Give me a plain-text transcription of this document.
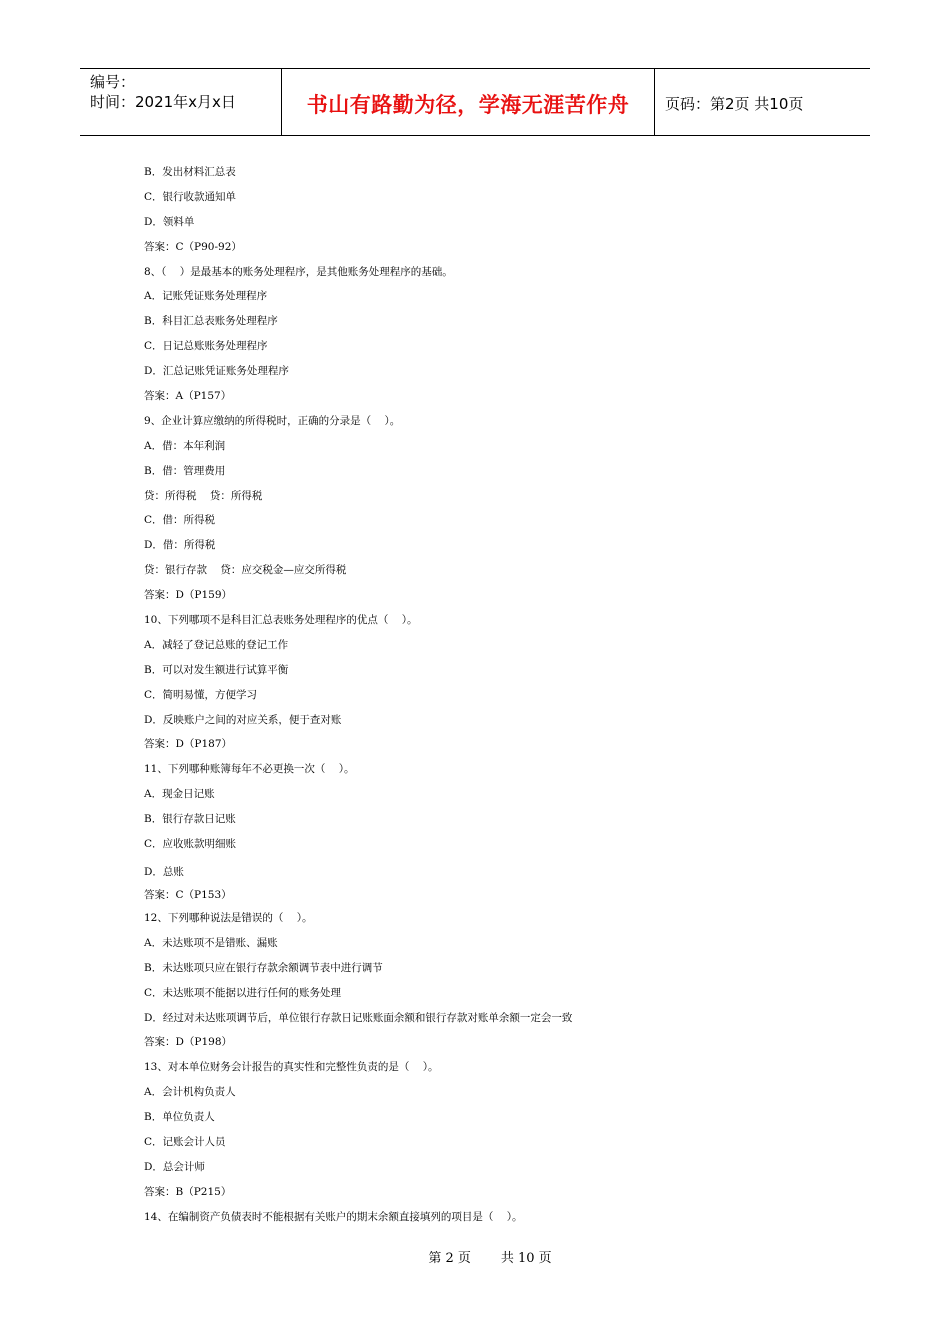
编号：
时间：2021年x月x日	书山有路勤为径，学海无涯苦作舟	页码：第2页 共10页
B．发出材料汇总表
C．银行收款通知单
D．领料单
答案：C（P90-92）
8、（    ）是最基本的账务处理程序，是其他账务处理程序的基础。
A．记账凭证账务处理程序
B．科目汇总表账务处理程序
C．日记总账账务处理程序
D．汇总记账凭证账务处理程序
答案：A（P157）
9、企业计算应缴纳的所得税时，正确的分录是（    ）。
A．借：本年利润
B．借：管理费用
贷：所得税    贷：所得税
C．借：所得税
D．借：所得税
贷：银行存款    贷：应交税金—应交所得税
答案：D（P159）
10、下列哪项不是科目汇总表账务处理程序的优点（    ）。
A．减轻了登记总账的登记工作
B．可以对发生额进行试算平衡
C．简明易懂，方便学习
D．反映账户之间的对应关系，便于查对账
答案：D（P187）
11、下列哪种账簿每年不必更换一次（    ）。
A．现金日记账
B．银行存款日记账
C．应收账款明细账
D．总账
答案：C（P153）
12、下列哪种说法是错误的（    ）。
A．未达账项不是错账、漏账
B．未达账项只应在银行存款余额调节表中进行调节
C．未达账项不能据以进行任何的账务处理
D．经过对未达账项调节后，单位银行存款日记账账面余额和银行存款对账单余额一定会一致
答案：D（P198）
13、对本单位财务会计报告的真实性和完整性负责的是（    ）。
A．会计机构负责人
B．单位负责人
C．记账会计人员
D．总会计师
答案：B（P215）
14、在编制资产负债表时不能根据有关账户的期末余额直接填列的项目是（    ）。
第 2 页 共 10 页
